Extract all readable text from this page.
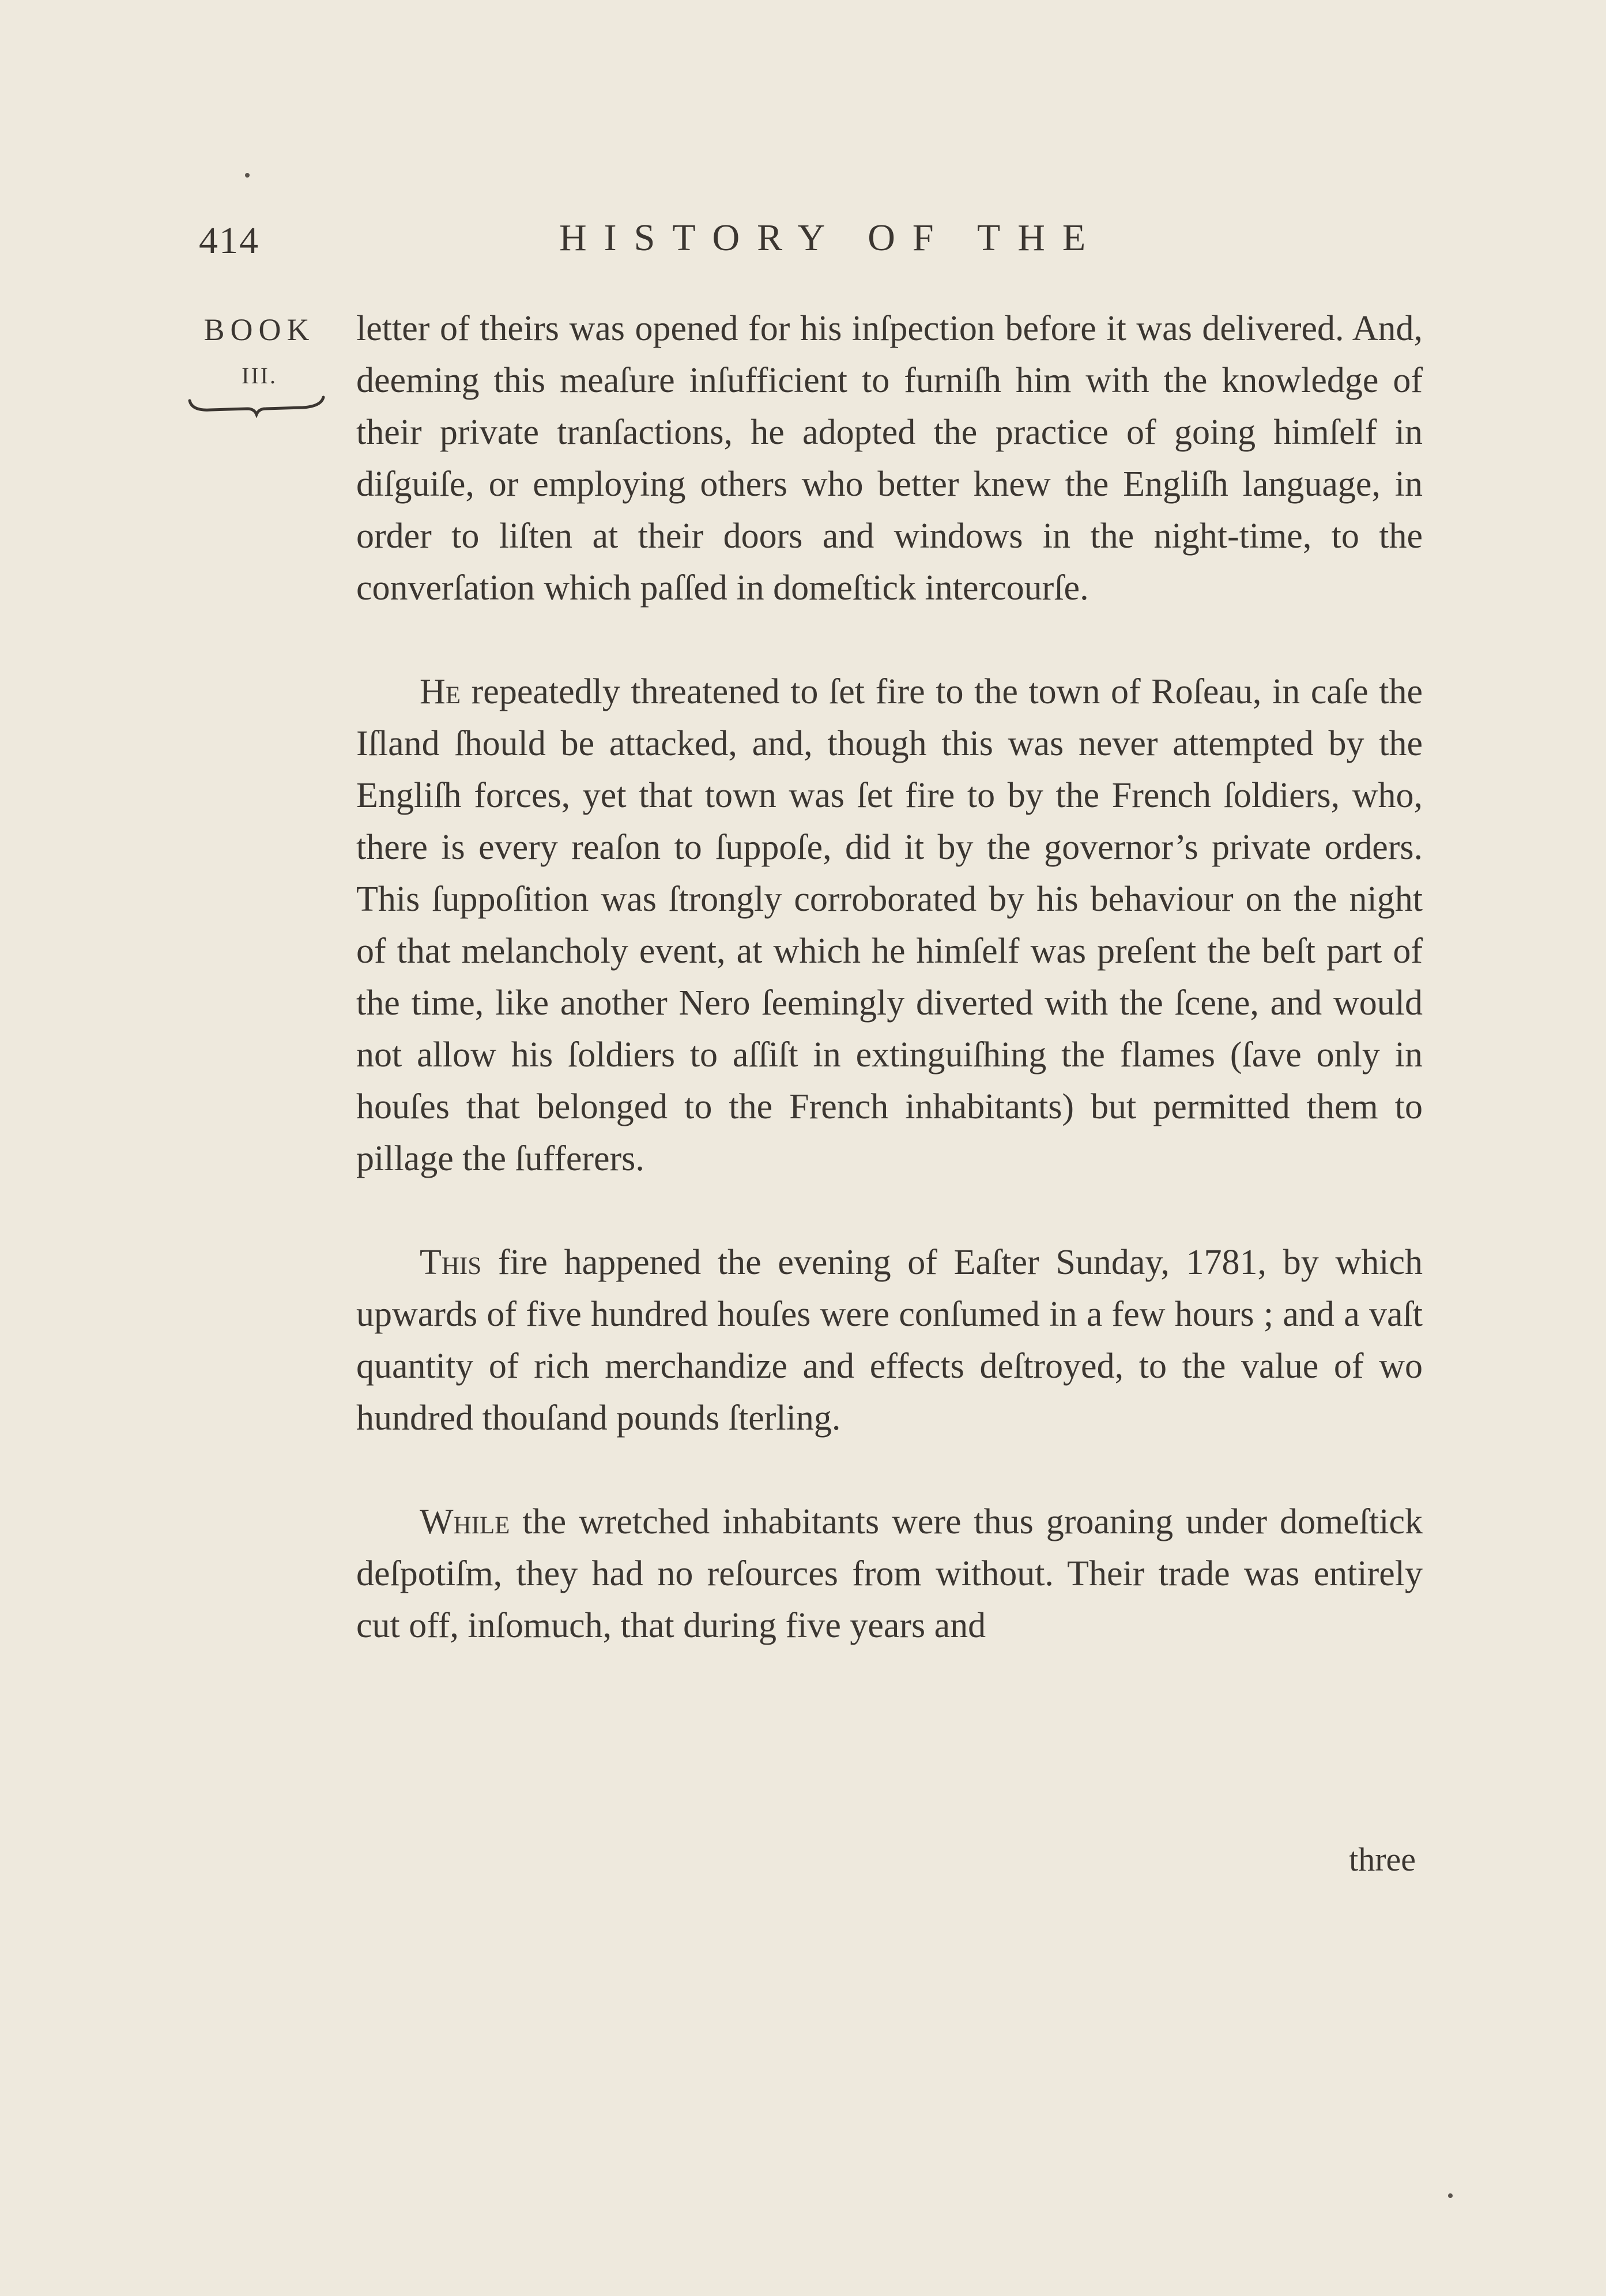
414	HISTORY OF THE
BOOK
III.

letter of theirs was opened for his inſpection before it was delivered. And, deeming this meaſure inſufficient to furniſh him with the knowledge of their private tranſactions, he adopted the practice of going himſelf in diſguiſe, or employing others who better knew the Engliſh language, in order to liſten at their doors and windows in the night-time, to the converſation which paſſed in domeſtick intercourſe.

He repeatedly threatened to ſet fire to the town of Roſeau, in caſe the Iſland ſhould be attacked, and, though this was never attempted by the Engliſh forces, yet that town was ſet fire to by the French ſoldiers, who, there is every reaſon to ſuppoſe, did it by the governor’s private orders. This ſuppoſition was ſtrongly corroborated by his behaviour on the night of that melancholy event, at which he himſelf was preſent the beſt part of the time, like another Nero ſeemingly diverted with the ſcene, and would not allow his ſoldiers to aſſiſt in extinguiſhing the flames (ſave only in houſes that belonged to the French inhabitants) but permitted them to pillage the ſufferers.

This fire happened the evening of Eaſter Sunday, 1781, by which upwards of five hundred houſes were conſumed in a few hours ; and a vaſt quantity of rich merchandize and effects deſtroyed, to the value of wo hundred thouſand pounds ſterling.

While the wretched inhabitants were thus groaning under domeſtick deſpotiſm, they had no reſources from without. Their trade was entirely cut off, inſomuch, that during five years and

three
